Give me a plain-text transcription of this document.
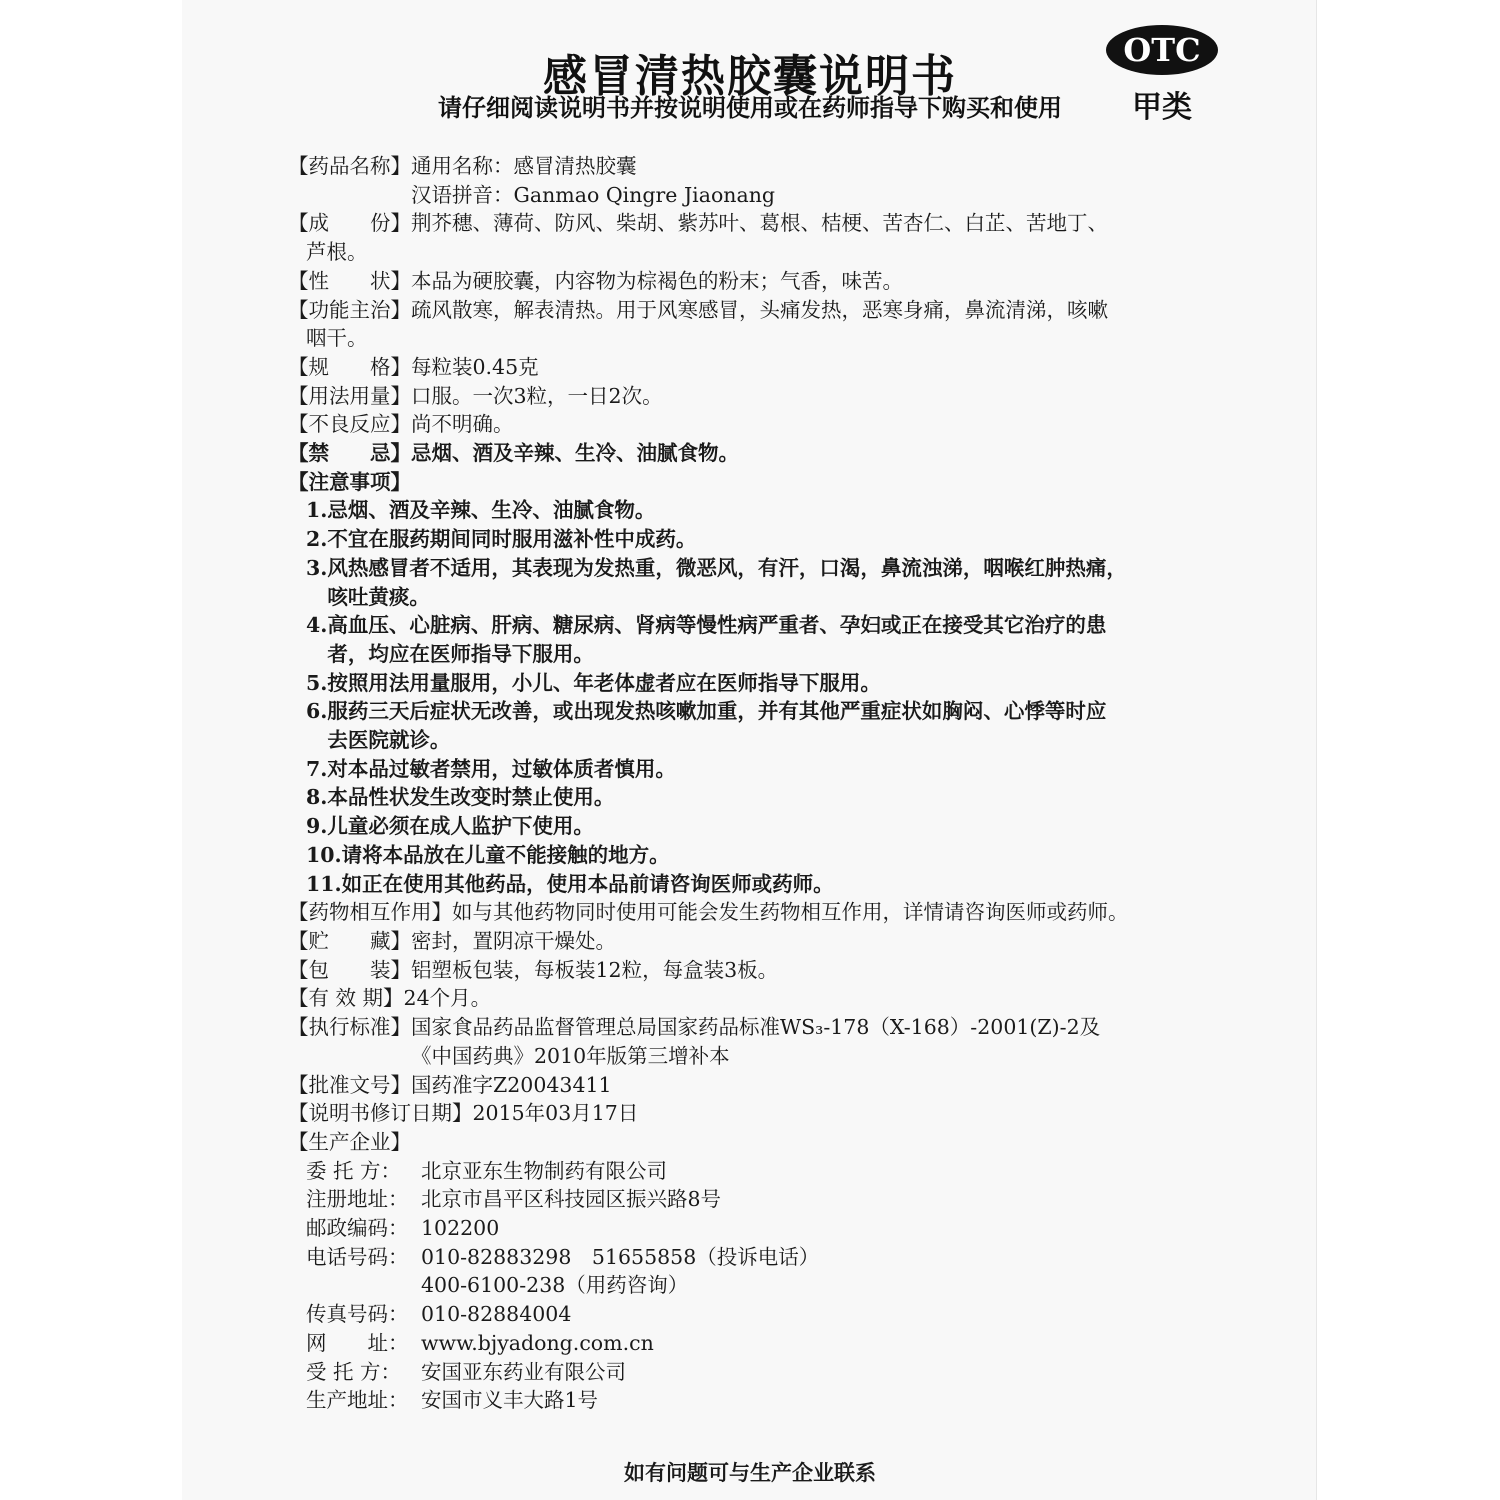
感冒清热胶囊说明书
请仔细阅读说明书并按说明使用或在药师指导下购买和使用
OTC
甲类
【药品名称】 通用名称：感冒清热胶囊
汉语拼音：Ganmao Qingre Jiaonang
【成　　份】 荆芥穗、薄荷、防风、柴胡、紫苏叶、葛根、桔梗、苦杏仁、白芷、苦地丁、
芦根。
【性　　状】 本品为硬胶囊，内容物为棕褐色的粉末；气香，味苦。
【功能主治】 疏风散寒，解表清热。用于风寒感冒，头痛发热，恶寒身痛，鼻流清涕，咳嗽
咽干。
【规　　格】 每粒装0.45克
【用法用量】 口服。一次3粒，一日2次。
【不良反应】 尚不明确。
【禁　　忌】 忌烟、酒及辛辣、生冷、油腻食物。
【注意事项】
1. 忌烟、酒及辛辣、生冷、油腻食物。
2. 不宜在服药期间同时服用滋补性中成药。
3. 风热感冒者不适用，其表现为发热重，微恶风，有汗，口渴，鼻流浊涕，咽喉红肿热痛，
咳吐黄痰。
4. 高血压、心脏病、肝病、糖尿病、肾病等慢性病严重者、孕妇或正在接受其它治疗的患
者，均应在医师指导下服用。
5. 按照用法用量服用，小儿、年老体虚者应在医师指导下服用。
6. 服药三天后症状无改善，或出现发热咳嗽加重，并有其他严重症状如胸闷、心悸等时应
去医院就诊。
7. 对本品过敏者禁用，过敏体质者慎用。
8. 本品性状发生改变时禁止使用。
9. 儿童必须在成人监护下使用。
10. 请将本品放在儿童不能接触的地方。
11. 如正在使用其他药品，使用本品前请咨询医师或药师。
【药物相互作用】 如与其他药物同时使用可能会发生药物相互作用，详情请咨询医师或药师。
【贮　　藏】 密封，置阴凉干燥处。
【包　　装】 铝塑板包装，每板装12粒，每盒装3板。
【有 效 期】 24个月。
【执行标准】 国家食品药品监督管理总局国家药品标准WS₃-178（X-168）-2001(Z)-2及
《中国药典》2010年版第三增补本
【批准文号】 国药准字Z20043411
【说明书修订日期】 2015年03月17日
【生产企业】
委 托 方： 北京亚东生物制药有限公司
注册地址： 北京市昌平区科技园区振兴路8号
邮政编码： 102200
电话号码： 010-82883298　51655858（投诉电话）
400-6100-238（用药咨询）
传真号码： 010-82884004
网　　址： www.bjyadong.com.cn
受 托 方： 安国亚东药业有限公司
生产地址： 安国市义丰大路1号
如有问题可与生产企业联系
